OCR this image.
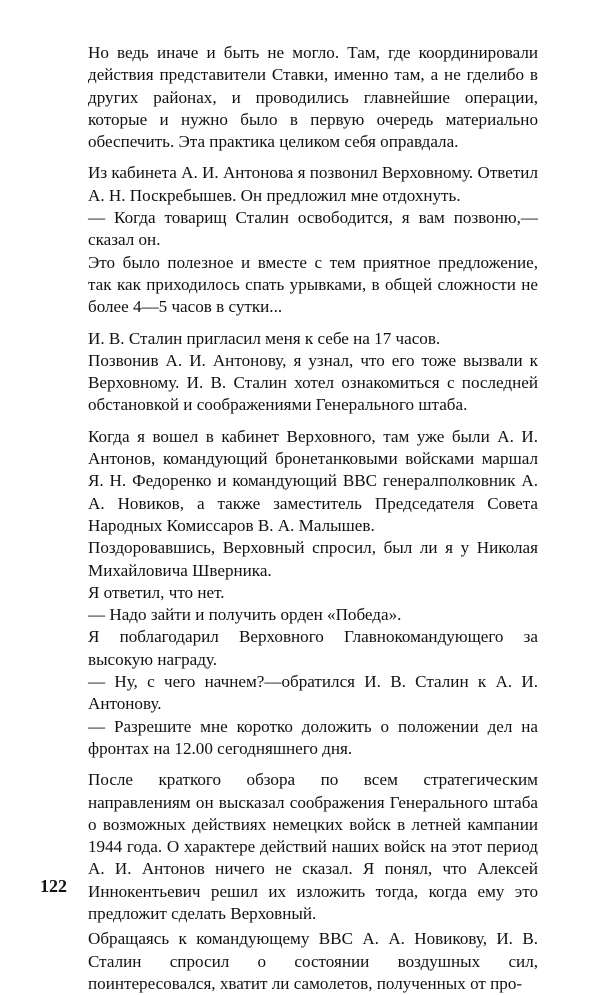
Но ведь иначе и быть не могло. Там, где координировали действия представители Ставки, именно там, а не гделибо в других районах, и проводились главнейшие операции, которые и нужно было в первую очередь материально обеспечить. Эта практика целиком себя оправдала.

Из кабинета А. И. Антонова я позвонил Верховному. Ответил А. Н. Поскребышев. Он предложил мне отдохнуть.

— Когда товарищ Сталин освободится, я вам позвоню,— сказал он.

Это было полезное и вместе с тем приятное предложение, так как приходилось спать урывками, в общей сложности не более 4—5 часов в сутки...

И. В. Сталин пригласил меня к себе на 17 часов.

Позвонив А. И. Антонову, я узнал, что его тоже вызвали к Верховному. И. В. Сталин хотел ознакомиться с последней обстановкой и соображениями Генерального штаба.

Когда я вошел в кабинет Верховного, там уже были А. И. Антонов, командующий бронетанковыми войсками маршал Я. Н. Федоренко и командующий ВВС генералполковник А. А. Новиков, а также заместитель Председателя Совета Народных Комиссаров В. А. Малышев.

Поздоровавшись, Верховный спросил, был ли я у Николая Михайловича Шверника.

Я ответил, что нет.

— Надо зайти и получить орден «Победа».

Я поблагодарил Верховного Главнокомандующего за высокую награду.

— Ну, с чего начнем?—обратился И. В. Сталин к А. И. Антонову.

— Разрешите мне коротко доложить о положении дел на фронтах на 12.00 сегодняшнего дня.

После краткого обзора по всем стратегическим направлениям он высказал соображения Генерального штаба о возможных действиях немецких войск в летней кампании 1944 года. О характере действий наших войск на этот период А. И. Антонов ничего не сказал. Я понял, что Алексей Иннокентьевич решил их изложить тогда, когда ему это предложит сделать Верховный.

Обращаясь к командующему ВВС А. А. Новикову, И. В. Сталин спросил о состоянии воздушных сил, поинтересовался, хватит ли самолетов, полученных от про-

122
